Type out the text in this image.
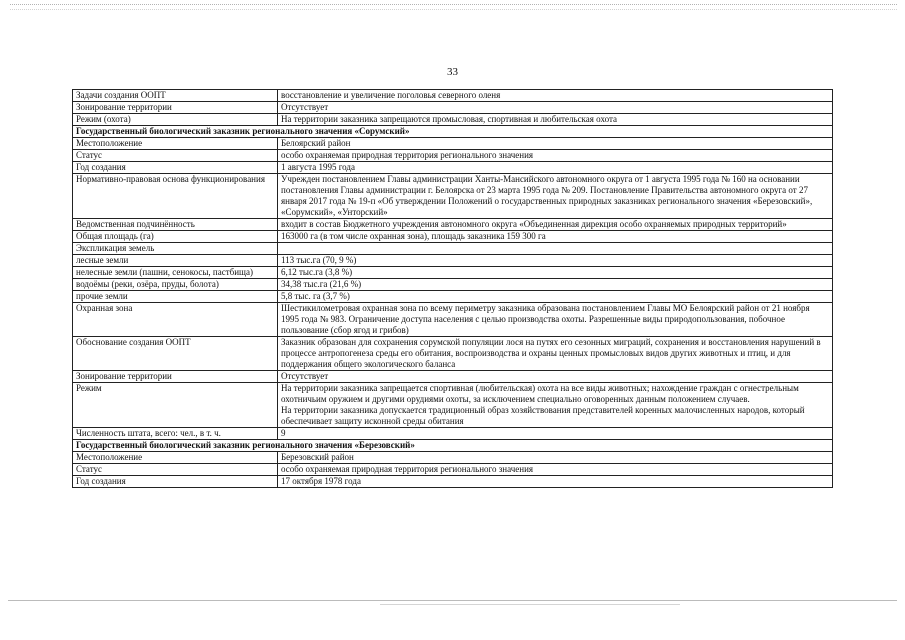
33
Задачи создания ООПТ	восстановление и увеличение поголовья северного оленя
Зонирование территории	Отсутствует
Режим (охота)	На территории заказника запрещаются промысловая, спортивная и любительская охота
Государственный биологический заказник регионального значения «Сорумский»	
Местоположение	Белоярский район
Статус	особо охраняемая природная территория регионального значения
Год создания	1 августа 1995 года
Нормативно-правовая основа функционирования	Учрежден постановлением Главы администрации Ханты-Мансийского автономного округа от 1 августа 1995 года № 160 на основании постановления Главы администрации г. Белоярска от 23 марта 1995 года № 209. Постановление Правительства автономного округа от 27 января 2017 года № 19-п «Об утверждении Положений о государственных природных заказниках регионального значения «Березовский», «Сорумский», «Унторский»
Ведомственная подчинённость	входит в состав Бюджетного учреждения автономного округа «Объединенная дирекция особо охраняемых природных территорий»
Общая площадь (га)	163000 га (в том числе охранная зона), площадь заказника 159 300 га
Экспликация земель	
лесные земли	113 тыс.га (70, 9 %)
нелесные земли (пашни, сенокосы, пастбища)	6,12 тыс.га (3,8 %)
водоёмы (реки, озёра, пруды, болота)	34,38 тыс.га (21,6 %)
прочие земли	5,8 тыс. га (3,7 %)
Охранная зона	Шестикилометровая охранная зона по всему периметру заказника образована постановлением Главы МО Белоярский район от 21 ноября 1995 года № 983. Ограничение доступа населения с целью производства охоты. Разрешенные виды природопользования, побочное пользование (сбор ягод и грибов)
Обоснование создания ООПТ	Заказник образован для сохранения сорумской популяции лося на путях его сезонных миграций, сохранения и восстановления нарушений в процессе антропогенеза среды его обитания, воспроизводства и охраны ценных промысловых видов других животных и птиц, и для поддержания общего экологического баланса
Зонирование территории	Отсутствует
Режим	На территории заказника запрещается спортивная (любительская) охота на все виды животных; нахождение граждан с огнестрельным охотничьим оружием и другими орудиями охоты, за исключением специально оговоренных данным положением случаев.
На территории заказника допускается традиционный образ хозяйствования представителей коренных малочисленных народов, который обеспечивает защиту исконной среды обитания

Численность штата, всего: чел., в т. ч.	9
Государственный биологический заказник регионального значения «Березовский»	
Местоположение	Березовский район
Статус	особо охраняемая природная территория регионального значения
Год создания	17 октября 1978 года
